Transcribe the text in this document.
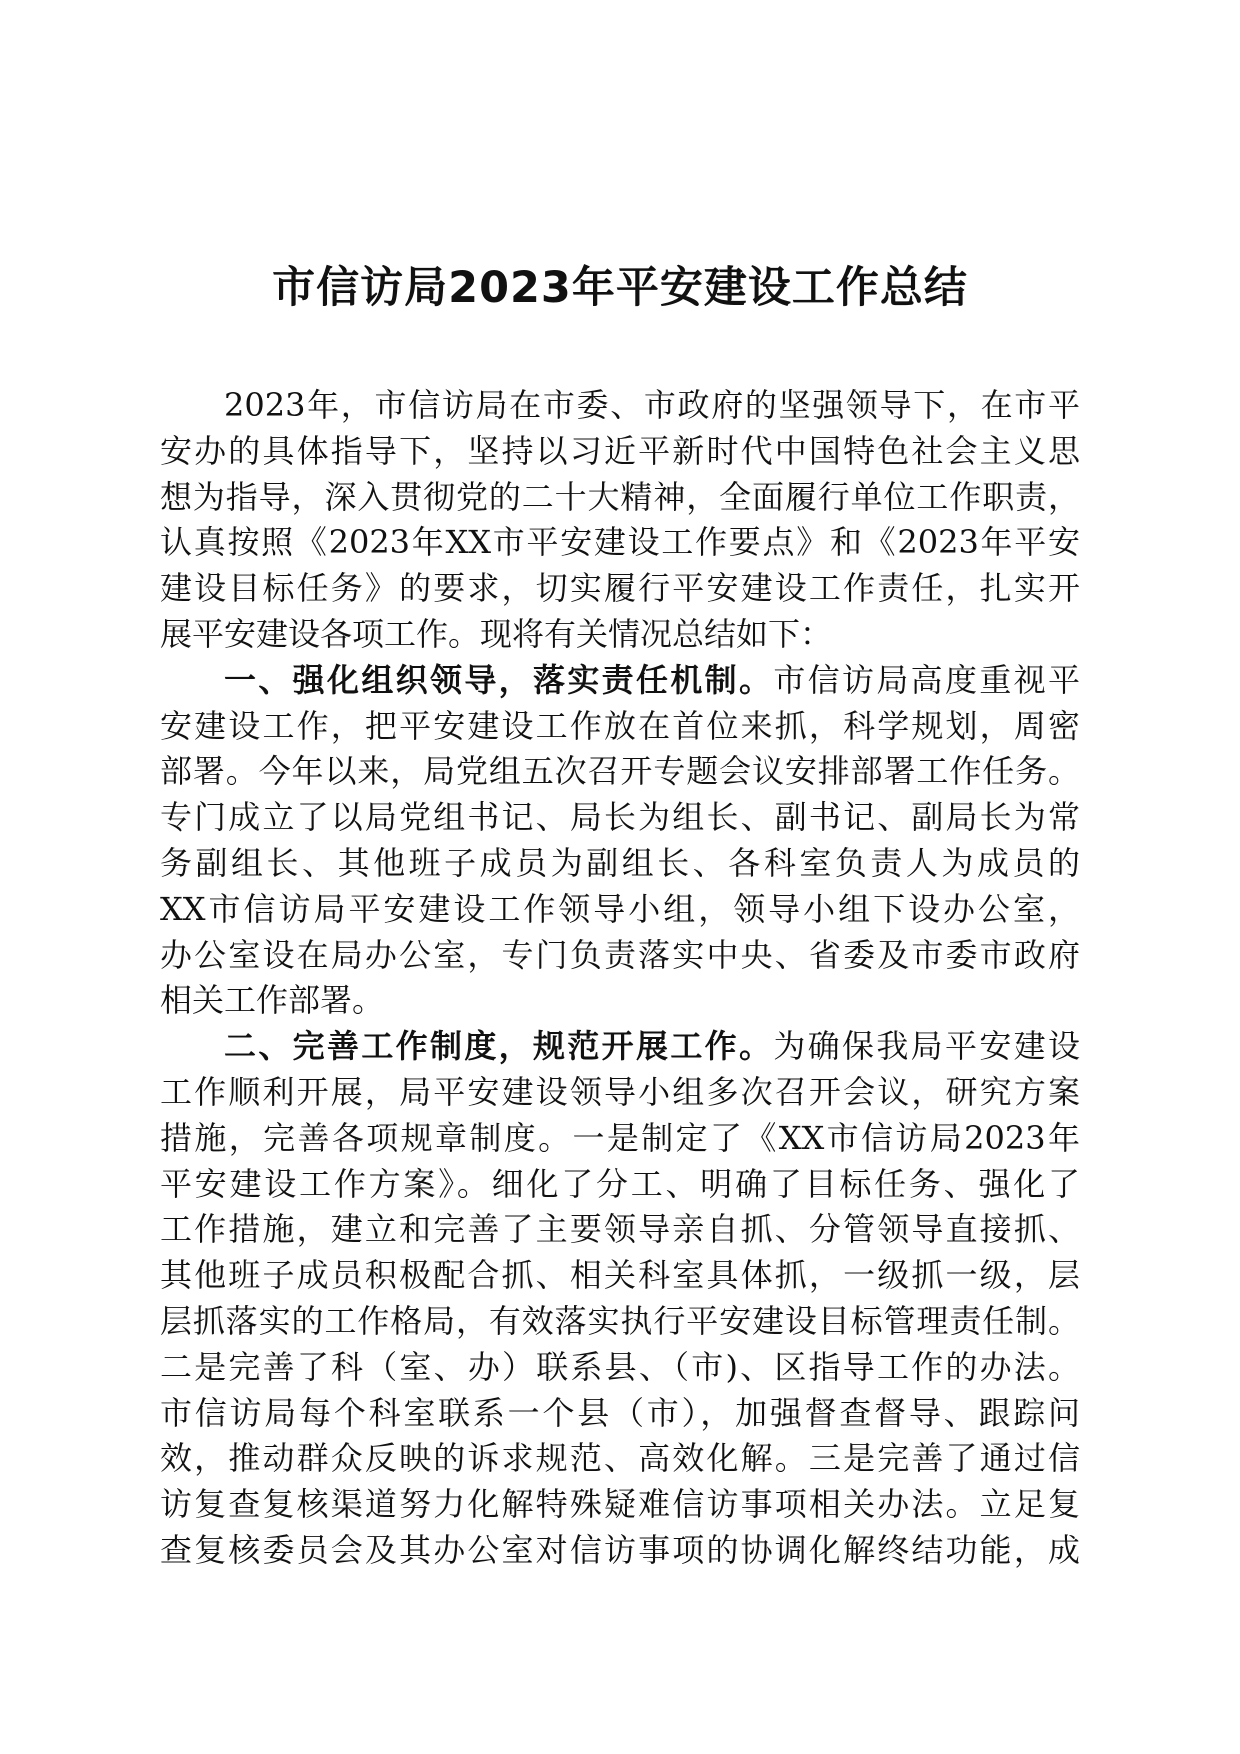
市信访局2023年平安建设工作总结
2023年，市信访局在市委、市政府的坚强领导下，在市平
安办的具体指导下，坚持以习近平新时代中国特色社会主义思
想为指导，深入贯彻党的二十大精神，全面履行单位工作职责，
认真按照《2023年XX市平安建设工作要点》和《2023年平安
建设目标任务》的要求，切实履行平安建设工作责任，扎实开
展平安建设各项工作。现将有关情况总结如下：
一、强化组织领导，落实责任机制。市信访局高度重视平
安建设工作，把平安建设工作放在首位来抓，科学规划，周密
部署。今年以来，局党组五次召开专题会议安排部署工作任务。
专门成立了以局党组书记、局长为组长、副书记、副局长为常
务副组长、其他班子成员为副组长、各科室负责人为成员的
XX市信访局平安建设工作领导小组，领导小组下设办公室，
办公室设在局办公室，专门负责落实中央、省委及市委市政府
相关工作部署。
二、完善工作制度，规范开展工作。为确保我局平安建设
工作顺利开展，局平安建设领导小组多次召开会议，研究方案
措施，完善各项规章制度。一是制定了《XX市信访局2023年
平安建设工作方案》。细化了分工、明确了目标任务、强化了
工作措施，建立和完善了主要领导亲自抓、分管领导直接抓、
其他班子成员积极配合抓、相关科室具体抓，一级抓一级，层
层抓落实的工作格局，有效落实执行平安建设目标管理责任制。
二是完善了科（室、办）联系县、（市)、区指导工作的办法。
市信访局每个科室联系一个县（市），加强督查督导、跟踪问
效，推动群众反映的诉求规范、高效化解。三是完善了通过信
访复查复核渠道努力化解特殊疑难信访事项相关办法。立足复
查复核委员会及其办公室对信访事项的协调化解终结功能，成
